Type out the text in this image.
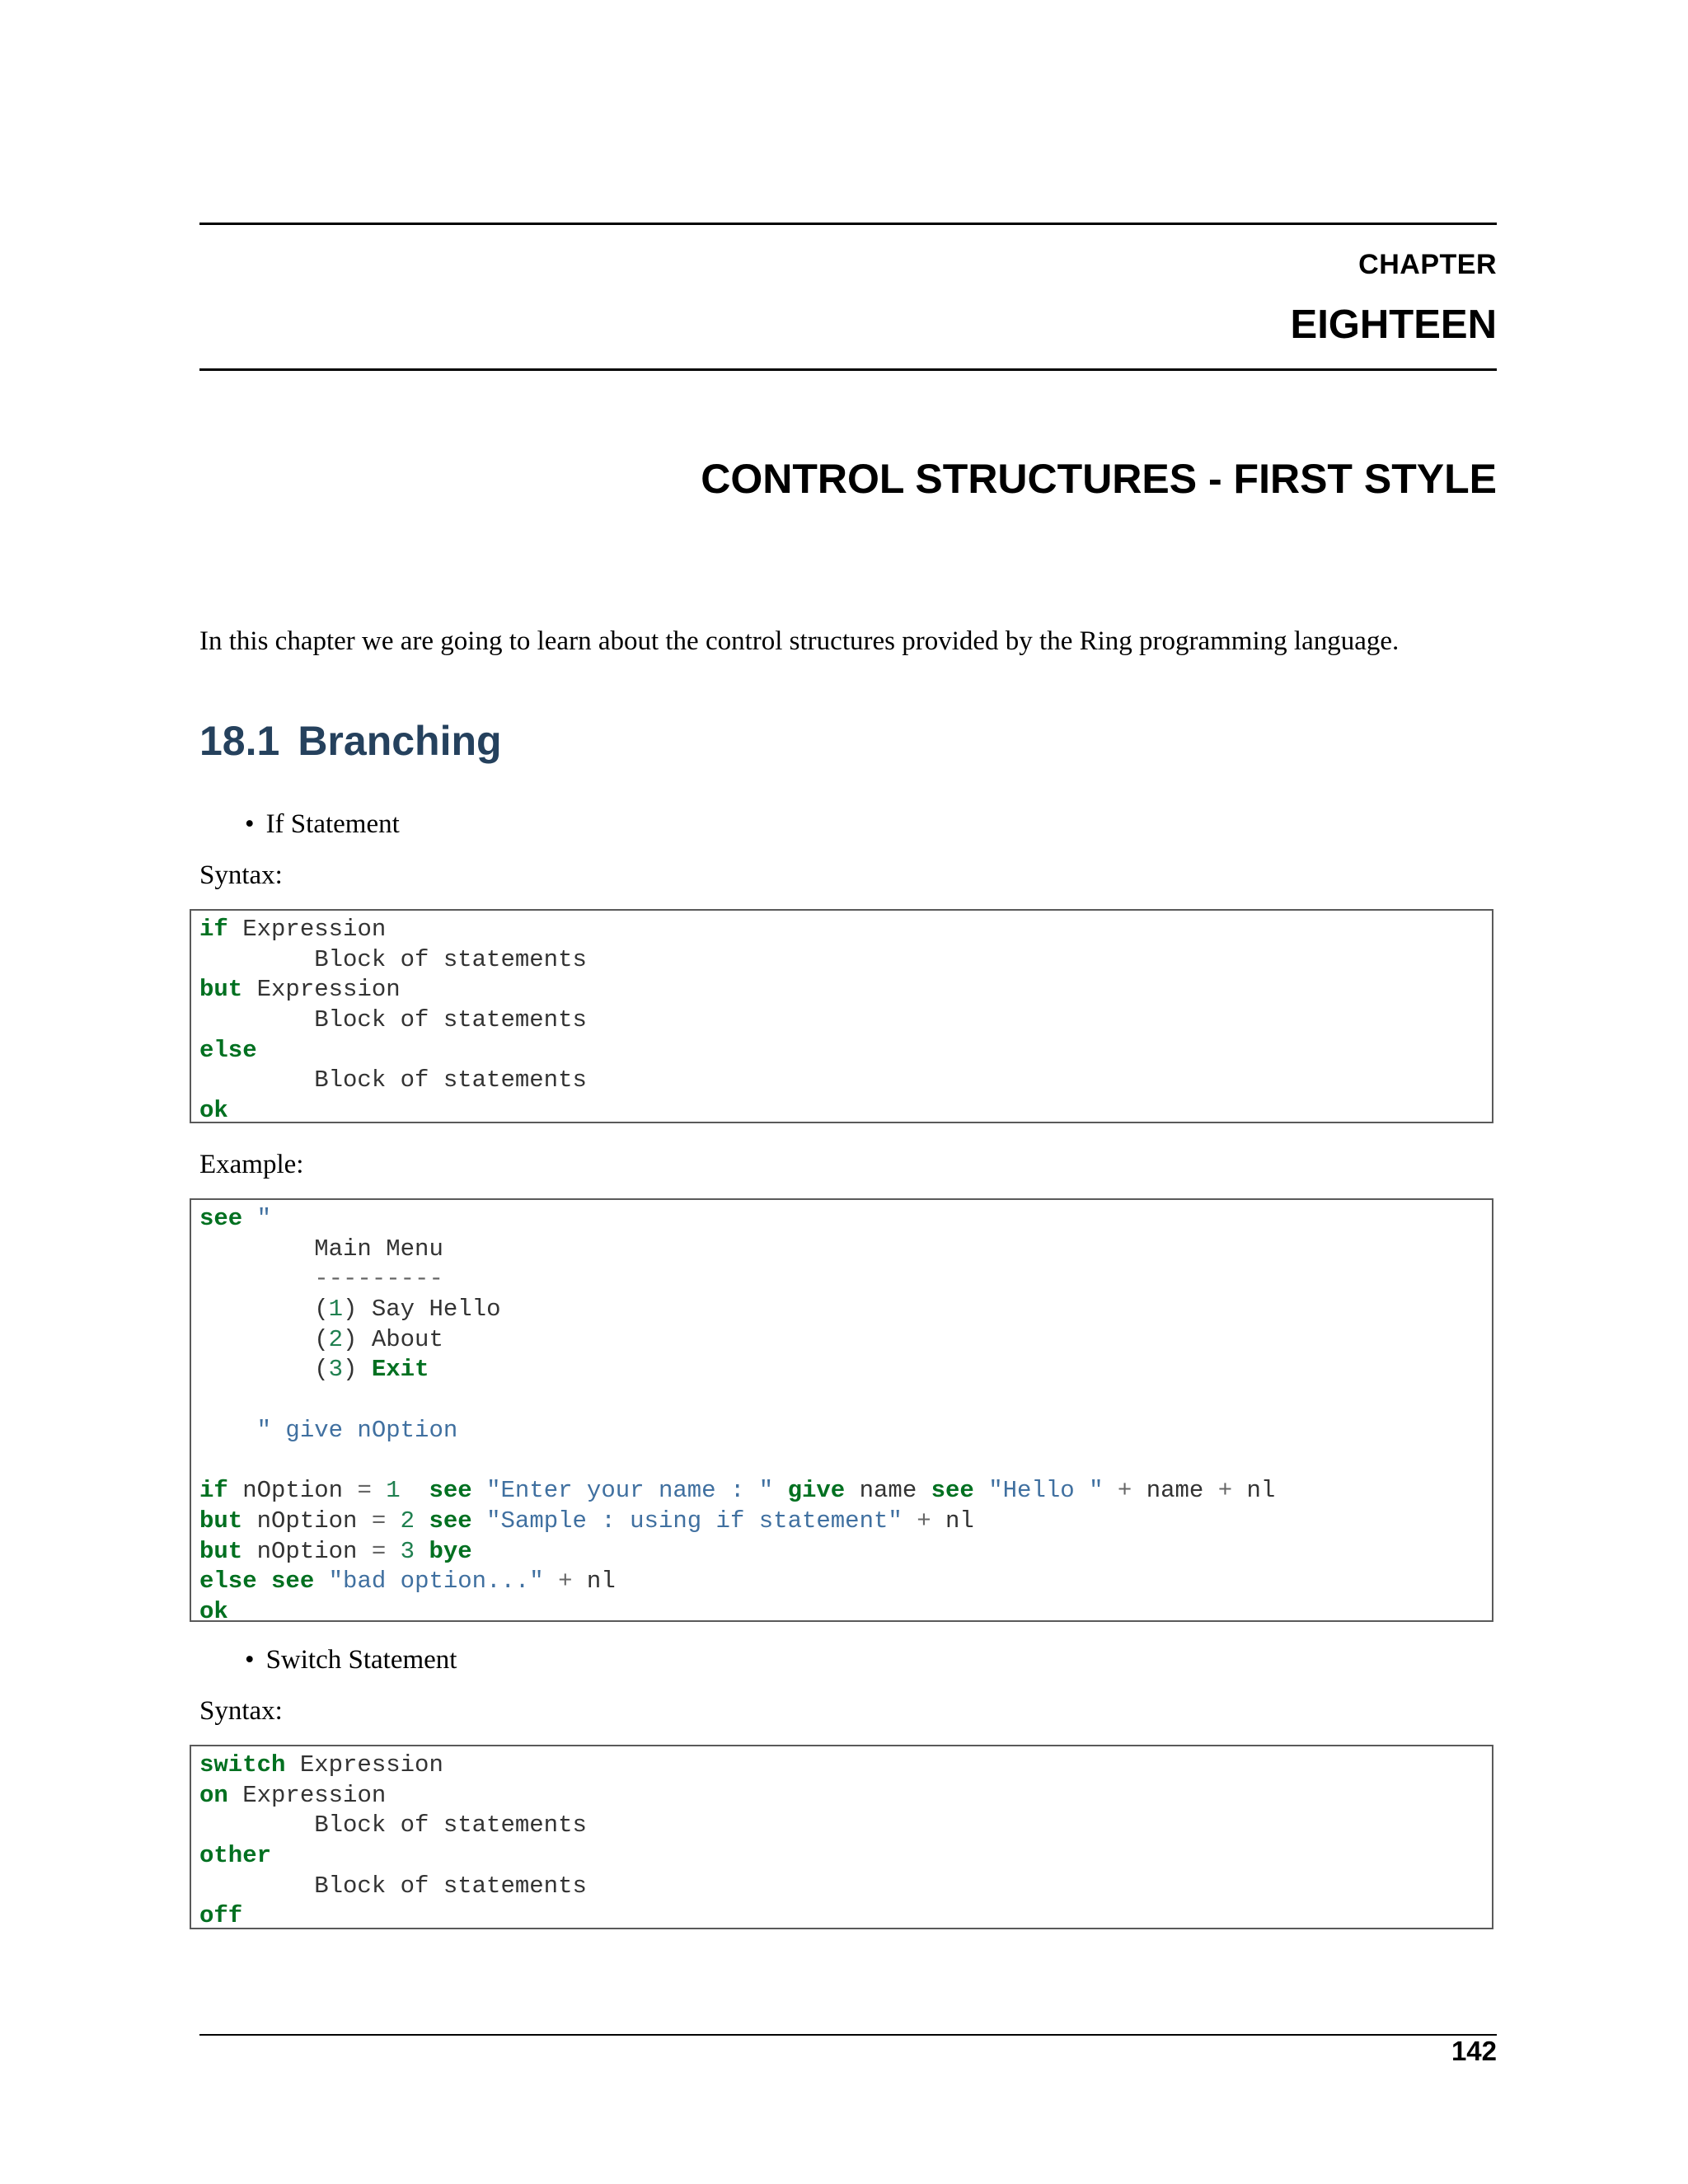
CHAPTER
EIGHTEEN
CONTROL STRUCTURES - FIRST STYLE
In this chapter we are going to learn about the control structures provided by the Ring programming language.
18.1 Branching
• If Statement
Syntax:
if Expression
Block of statements
but Expression
Block of statements
else
Block of statements
ok
Example:
see "
Main Menu
---------
(1) Say Hello
(2) About
(3) Exit
" give nOption
if nOption = 1 see "Enter your name : " give name see "Hello " + name + nl
but nOption = 2 see "Sample : using if statement" + nl
but nOption = 3 bye
else see "bad option..." + nl
ok
• Switch Statement
Syntax:
switch Expression
on Expression
Block of statements
other
Block of statements
off
142
